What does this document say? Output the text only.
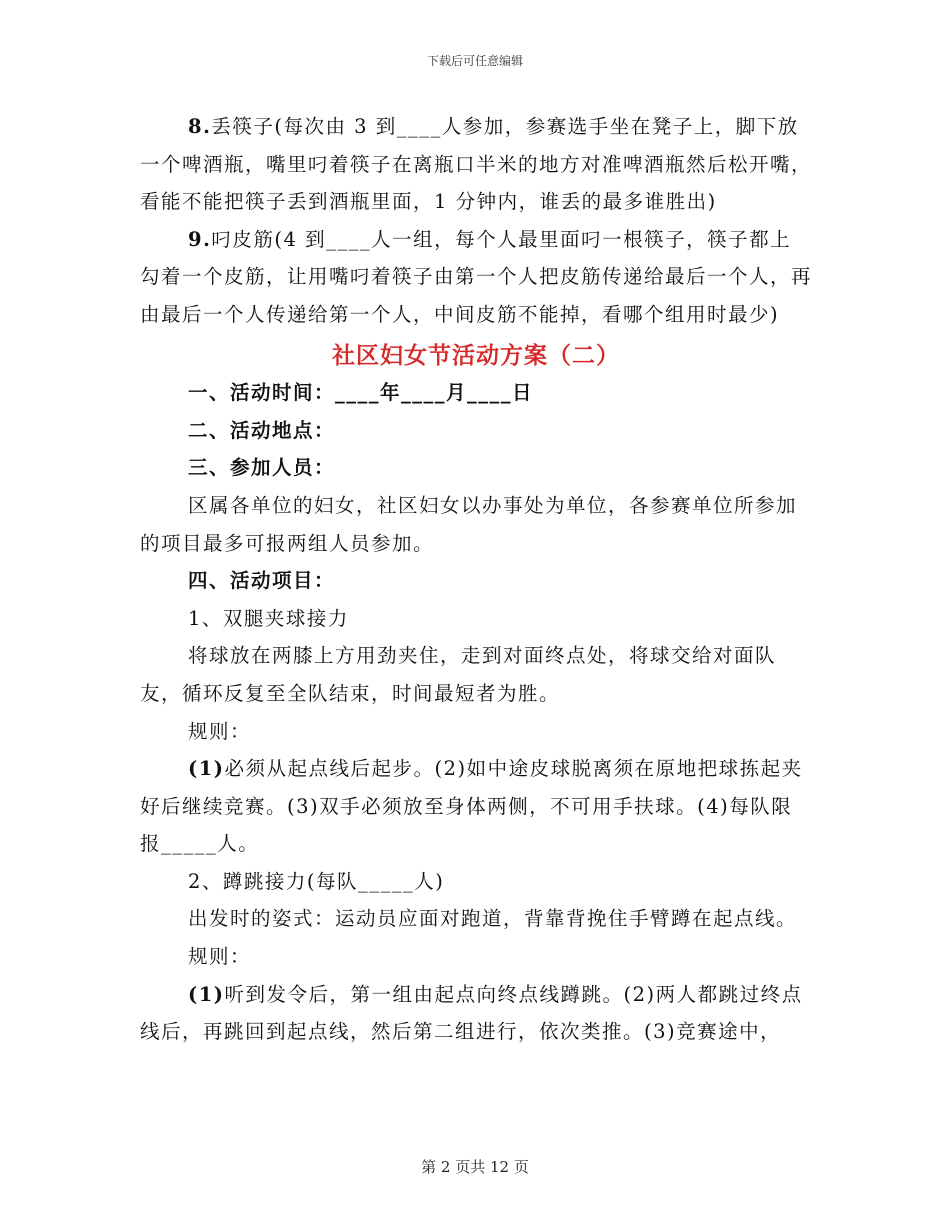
下载后可任意编辑

8.丢筷子(每次由 3 到____人参加，参赛选手坐在凳子上，脚下放一个啤酒瓶，嘴里叼着筷子在离瓶口半米的地方对准啤酒瓶然后松开嘴，看能不能把筷子丢到酒瓶里面，1 分钟内，谁丢的最多谁胜出)

9.叼皮筋(4 到____人一组，每个人最里面叼一根筷子，筷子都上勾着一个皮筋，让用嘴叼着筷子由第一个人把皮筋传递给最后一个人，再由最后一个人传递给第一个人，中间皮筋不能掉，看哪个组用时最少)

社区妇女节活动方案（二）

一、活动时间：____年____月____日

二、活动地点：

三、参加人员：

区属各单位的妇女，社区妇女以办事处为单位，各参赛单位所参加的项目最多可报两组人员参加。

四、活动项目：

1、双腿夹球接力

将球放在两膝上方用劲夹住，走到对面终点处，将球交给对面队友，循环反复至全队结束，时间最短者为胜。

规则：

(1)必须从起点线后起步。(2)如中途皮球脱离须在原地把球拣起夹好后继续竞赛。(3)双手必须放至身体两侧，不可用手扶球。(4)每队限报_____人。

2、蹲跳接力(每队_____人)

出发时的姿式：运动员应面对跑道，背靠背挽住手臂蹲在起点线。

规则：

(1)听到发令后，第一组由起点向终点线蹲跳。(2)两人都跳过终点线后，再跳回到起点线，然后第二组进行，依次类推。(3)竞赛途中，

第 2 页共 12 页
